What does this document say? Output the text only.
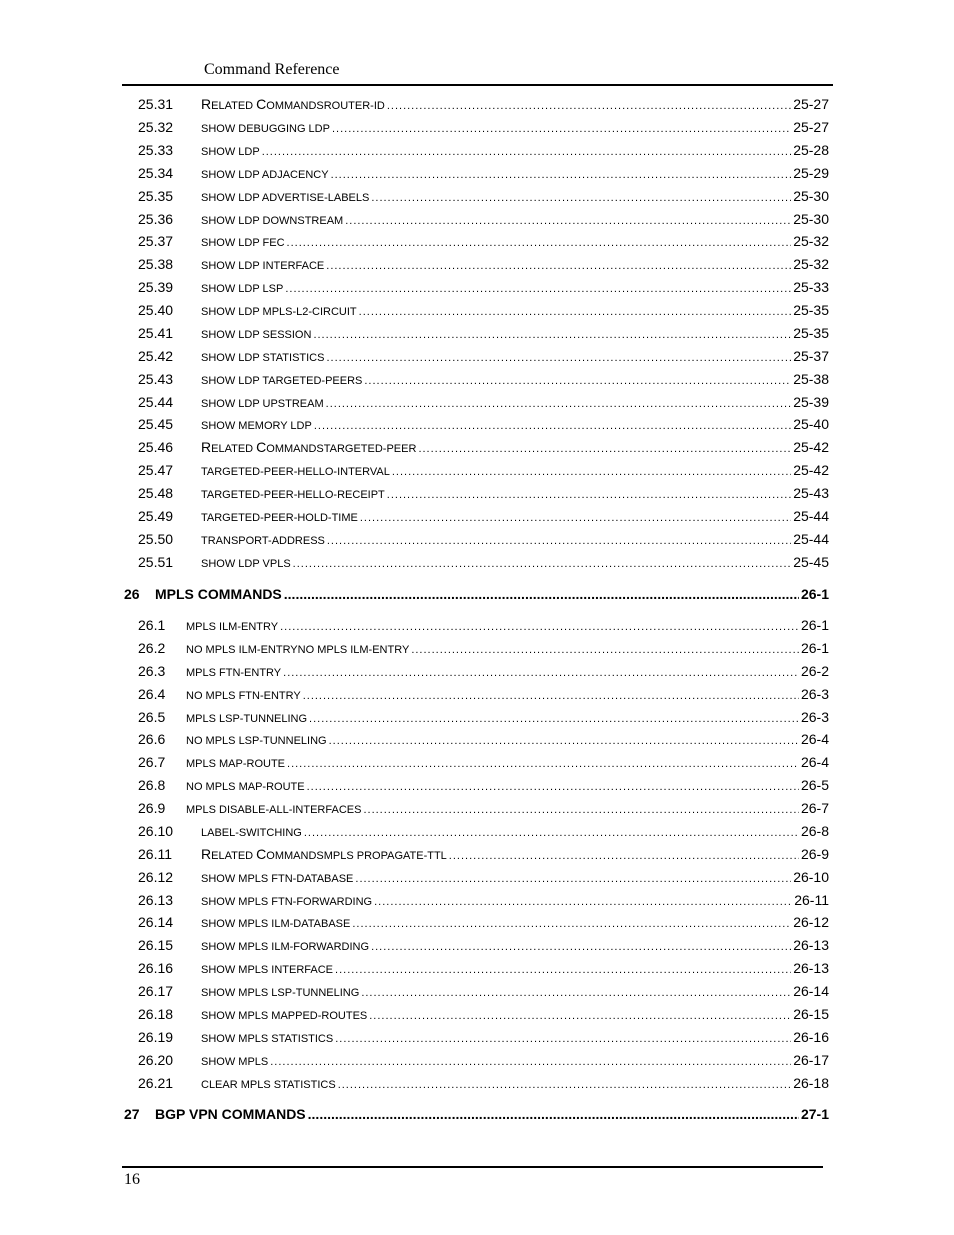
Command Reference
25.31	RELATED COMMANDSROUTER-ID .....	25-27
25.32	SHOW DEBUGGING LDP .....	25-27
25.33	SHOW LDP .....	25-28
25.34	SHOW LDP ADJACENCY .....	25-29
25.35	SHOW LDP ADVERTISE-LABELS .....	25-30
25.36	SHOW LDP DOWNSTREAM .....	25-30
25.37	SHOW LDP FEC .....	25-32
25.38	SHOW LDP INTERFACE .....	25-32
25.39	SHOW LDP LSP .....	25-33
25.40	SHOW LDP MPLS-L2-CIRCUIT .....	25-35
25.41	SHOW LDP SESSION .....	25-35
25.42	SHOW LDP STATISTICS .....	25-37
25.43	SHOW LDP TARGETED-PEERS .....	25-38
25.44	SHOW LDP UPSTREAM .....	25-39
25.45	SHOW MEMORY LDP .....	25-40
25.46	RELATED COMMANDSTARGETED-PEER .....	25-42
25.47	TARGETED-PEER-HELLO-INTERVAL .....	25-42
25.48	TARGETED-PEER-HELLO-RECEIPT .....	25-43
25.49	TARGETED-PEER-HOLD-TIME .....	25-44
25.50	TRANSPORT-ADDRESS .....	25-44
25.51	SHOW LDP VPLS .....	25-45
26	MPLS COMMANDS .....	26-1
26.1	MPLS ILM-ENTRY .....	26-1
26.2	NO MPLS ILM-ENTRYNO MPLS ILM-ENTRY .....	26-1
26.3	MPLS FTN-ENTRY .....	26-2
26.4	NO MPLS FTN-ENTRY .....	26-3
26.5	MPLS LSP-TUNNELING .....	26-3
26.6	NO MPLS LSP-TUNNELING .....	26-4
26.7	MPLS MAP-ROUTE .....	26-4
26.8	NO MPLS MAP-ROUTE .....	26-5
26.9	MPLS DISABLE-ALL-INTERFACES .....	26-7
26.10	LABEL-SWITCHING .....	26-8
26.11	RELATED COMMANDSMPLS PROPAGATE-TTL .....	26-9
26.12	SHOW MPLS FTN-DATABASE .....	26-10
26.13	SHOW MPLS FTN-FORWARDING .....	26-11
26.14	SHOW MPLS ILM-DATABASE .....	26-12
26.15	SHOW MPLS ILM-FORWARDING .....	26-13
26.16	SHOW MPLS INTERFACE .....	26-13
26.17	SHOW MPLS LSP-TUNNELING .....	26-14
26.18	SHOW MPLS MAPPED-ROUTES .....	26-15
26.19	SHOW MPLS STATISTICS .....	26-16
26.20	SHOW MPLS .....	26-17
26.21	CLEAR MPLS STATISTICS .....	26-18
27	BGP VPN COMMANDS .....	27-1
16
